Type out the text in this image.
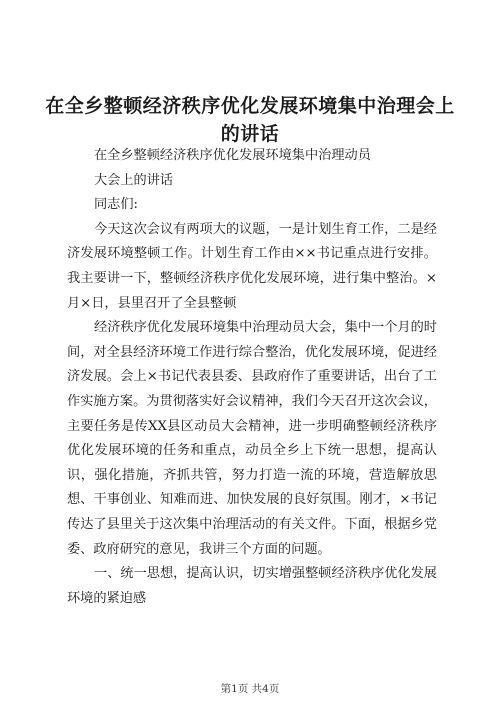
在全乡整顿经济秩序优化发展环境集中治理会上的讲话

在全乡整顿经济秩序优化发展环境集中治理动员

大会上的讲话

同志们:

今天这次会议有两项大的议题，一是计划生育工作，二是经济发展环境整顿工作。计划生育工作由××书记重点进行安排。我主要讲一下，整顿经济秩序优化发展环境，进行集中整治。×月×日，县里召开了全县整顿

经济秩序优化发展环境集中治理动员大会，集中一个月的时间，对全县经济环境工作进行综合整治，优化发展环境，促进经济发展。会上×书记代表县委、县政府作了重要讲话，出台了工作实施方案。为贯彻落实好会议精神，我们今天召开这次会议，主要任务是传XX县区动员大会精神，进一步明确整顿经济秩序优化发展环境的任务和重点，动员全乡上下统一思想，提高认识，强化措施，齐抓共管，努力打造一流的环境，营造解放思想、干事创业、知难而进、加快发展的良好氛围。刚才，×书记传达了县里关于这次集中治理活动的有关文件。下面，根据乡党委、政府研究的意见，我讲三个方面的问题。

一、统一思想，提高认识，切实增强整顿经济秩序优化发展环境的紧迫感

第1页 共4页
